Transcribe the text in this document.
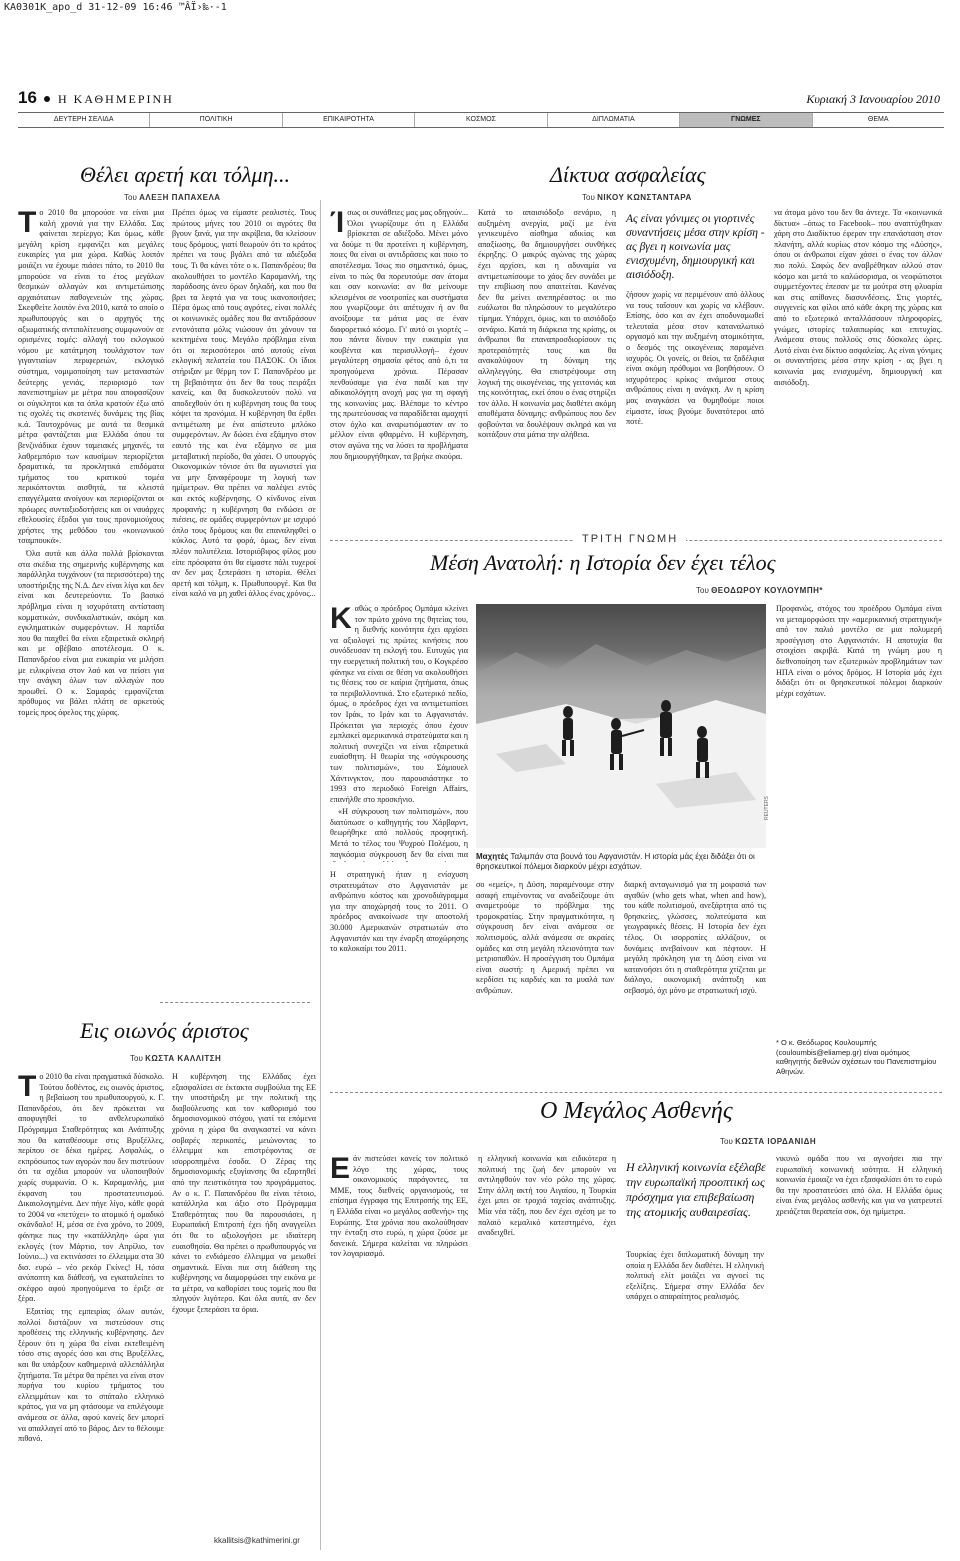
KA0301K_apo_d 31-12-09 16:46 ™ÂÏ›‰·-1
16 Η ΚΑΘΗΜΕΡΙΝΗ	Κυριακή 3 Ιανουαρίου 2010
ΔΕΥΤΕΡΗ ΣΕΛΙΔΑ	ΠΟΛΙΤΙΚΗ	ΕΠΙΚΑΙΡΟΤΗΤΑ	ΚΟΣΜΟΣ	ΔΙΠΛΩΜΑΤΙΑ	ΓΝΩΜΕΣ	ΘΕΜΑ
Θέλει αρετή και τόλμη...
Του ΑΛΕΞΗ ΠΑΠΑΧΕΛΑ
Τ ο 2010 θα μπορούσε να είναι μια καλή χρονιά για την Ελλάδα. Σας φαίνεται περίεργο; Και όμως, κάθε μεγάλη κρίση εμφανίζει και μεγάλες ευκαιρίες για μια χώρα. Καθώς λοιπόν μοιάζει να έχουμε πιάσει πάτο, το 2010 θα μπορούσε να είναι το έτος μεγάλων θεσμικών αλλαγών και αντιμετώπισης αρχαιότατων παθογενειών της χώρας. Σκεφθείτε λοιπόν ένα 2010, κατά το οποίο ο πρωθυπουργός και ο αρχηγός της αξιωματικής αντιπολίτευσης συμφωνούν σε ορισμένες τομές: αλλαγή του εκλογικού νόμου με κατάτμηση τουλάχιστον των γιγαντιαίων περιφερειών, εκλογικό σύστημα, νομιμοποίηση των μεταναστών δεύτερης γενιάς, περιορισμό των πανεπιστημίων με μέτρα που αποφασίζουν οι σύγκλητοι και τα όπλα κρατούν έξω από τις σχολές τις σκοτεινές δυνάμεις της βίας κ.ά. Ταυτοχρόνως με αυτά τα θεσμικά μέτρα φαντάζεται μια Ελλάδα όπου τα βενζινάδικα έχουν ταμειακές μηχανές, τα λαθρεμπόριο των καυσίμων περιορίζεται δραματικά, τα προκλητικά επιδόματα τμήματος του κρατικού τομέα περικόπτονται αισθητά, τα κλειστά επαγγέλματα ανοίγουν και περιορίζονται οι πρόωρες συνταξιοδοτήσεις και οι ναυάρχες εθελουσίες έξοδοι για τους προνομιούχους χρήστες της μεθόδου του «κοινωνικού τσαμπουκά».

Όλα αυτά και άλλα πολλά βρίσκονται στα σκέδια της σημερινής κυβέρνησης και παράλληλα τυγχάνουν (τα περισσότερα) της υποστήριξης της Ν.Δ. Δεν είναι λίγα και δεν είναι και δευτερεύοντα. Το βασικό πρόβλημα είναι η ισχυρότατη αντίσταση κομματικών, συνδικαλιστικών, ακόμη και εγκληματικών συμφερόντων. Η παρτίδα που θα παιχθεί θα είναι εξαιρετικά σκληρή και με αβέβαιο αποτέλεσμα. Ο κ. Παπανδρέου είναι μια ευκαιρία να μιλήσει με ειλικρίνεια στον λαό και να πείσει για την ανάγκη όλων των αλλαγών που προωθεί. Ο κ. Σαμαράς εμφανίζεται πρόθυμος να βάλει πλάτη σε αρκετούς τομείς προς όφελος της χώρας.

Πρέπει όμως να είμαστε ρεαλιστές. Τους πρώτους μήνες του 2010 οι αγρότες θα βγουν ξανά, για την ακρίβεια, θα κλείσουν τους δρόμους, γιατί θεωρούν ότι το κράτος πρέπει να τους βγάλει από τα αδιέξοδα τους. Τι θα κάνει τότε ο κ. Παπανδρέου; θα ακολουθήσει το μοντέλο Καραμανλή, της παράδοσης άνευ όρων δηλαδή, και που θα βρει τα λεφτά για να τους ικανοποιήσει; Πέρα όμως από τους αγρότες, είναι πολλές οι κοινωνικές ομάδες που θα αντιδράσουν εντονότατα μόλις νιώσουν ότι χάνουν τα κεκτημένα τους. Μεγάλο πρόβλημα είναι ότι οι περισσότεροι από αυτούς είναι εκλογική πελατεία του ΠΑΣΟΚ. Οι ίδιοι στήριξαν με θέρμη τον Γ. Παπανδρέου με τη βεβαιότητα ότι δεν θα τους πειράξει κανείς, και θα δυσκολευτούν πολύ να αποδεχθούν ότι η κυβέρνηση τους θα τους κόψει τα προνόμια. Η κυβέρνηση θα έρθει αντιμέτωπη με ένα απίστευτο μπλόκο συμφερόντων. Αν δώσει ένα εξάμηνο στον εαυτό της και ένα εξάμηνο σε μια μεταβατική περίοδο, θα χάσει. Ο υπουργός Οικονομικών τόνισε ότι θα αγωνιστεί για να μην ξαναφέρουμε τη λογική των ημίμετρων. Θα πρέπει να παλέψει εντός και εκτός κυβέρνησης. Ο κίνδυνος είναι προφανής: η κυβέρνηση θα ενδώσει σε πιέσεις, σε ομάδες συμφερόντων με ισχυρό όπλο τους δρόμους και θα επαναληφθεί ο κύκλος. Αυτό τα φορά, όμως, δεν είναι πλέον πολυτέλεια. Ιστοριόβιφος φίλος μου είπε πρόσφατα ότι θα είμαστε πάλι τυχεροί αν δεν μας ξεπεράσει η ιστορία. Θέλει αρετή και τόλμη, κ. Πρωθυπουργέ. Και θα είναι καλό να μη χαθεί άλλος ένας χρόνος...

Εις οιωνός άριστος
Του ΚΩΣΤΑ ΚΑΛΛΙΤΣΗ
Τ ο 2010 θα είναι πραγματικά δύσκολο. Τούτου δοθέντος, εις οιωνός άριστος, η βεβαίωση του πρωθυπουργού, κ. Γ. Παπανδρέου, ότι δεν πρόκειται να αποφυγηθεί το ανθελευρωπαϊκό Πρόγραμμα Σταθερότητας και Ανάπτυξης που θα καταθέσουμε στις Βρυξέλλες, περίπου σε δέκα ημέρες. Ασφαλώς, ο εκπρόσωπος των αγορών που δεν πιστεύουν ότι τα σχέδια μπορούν να υλοποιηθούν χωρίς συμφωνία. Ο κ. Καραμανλής, μια έκφανση του προστατευτισμού. Δικαιολογημένα. Δεν πήγε λίγο, κάθε φορά το 2004 να «πετύχει» το ατομικό ή ομαδικό σκάνδαλο! Η, μέσα σε ένα χρόνο, το 2009, φάνηκε πως την «κατάλληλη» ώρα για εκλογές (τον Μάρτιο, τον Απρίλιο, τον Ιούνιο...) να εκτινάσσει το έλλειμμα στα 30 δισ. ευρώ – νέο ρεκόρ Γκίνες! Η, τόσα ανύποπτη και διάθεσή, να εγκαταλείπει το σκέφρο αφού προηγούμενα το έριξε σε ξέρα.

Εξαιτίας της εμπειρίας όλων αυτών, πολλοί διστάζουν να πιστεύσουν στις προθέσεις της ελληνικής κυβέρνησης. Δεν ξέρουν ότι η χώρα θα είναι εκτεθειμένη τόσο στις αγορές όσο και στις Βρυξέλλες, και θα υπάρξουν καθημερινά αλλεπάλληλα ζητήματα. Τα μέτρα θα πρέπει να είναι στον πυρήνα του κυρίου τμήματος του ελλειμμάτων και το σπάταλο ελληνικό κράτος, για να μη φτάσουμε να επιλέγουμε ανάμεσα σε άλλα, αφού κανείς δεν μπορεί να απαλλαγεί από το βάρος. Δεν το θέλουμε πιθανό.

Η κυβέρνηση της Ελλάδας έχει εξασφαλίσει σε έκτακτα συμβούλια της ΕΕ την υποστήριξη με την πολιτική της διαβούλευσης και τον καθορισμό του δημοσιονομικού στόχου, γιατί τα επόμενα χρόνια η χώρα θα αναγκαστεί να κάνει σοβαρές περικοπές, μειώνοντας το έλλειμμα και επιστρέφοντας σε ισορροπημένα έσοδα. Ο Ζέρας της δημοσιονομικής εξυγίανσης θα εξαρτηθεί από την πειστικότητα του προγράμματος. Αν ο κ. Γ. Παπανδρέου θα είναι τέτοιο, κατάλληλα και άξιο στο Πρόγραμμα Σταθερότητας που θα παρουσιάσει, η Ευρωπαϊκή Επιτροπή έχει ήδη αναγγείλει ότι θα το αξιολογήσει με ιδιαίτερη ευαισθησία. Θα πρέπει ο πρωθυπουργός να κάνει το ενδιάμεσο έλλειμμα να μειωθεί σημαντικά. Είναι πια στη διάθεση της κυβέρνησης να διαμορφώσει την εικόνα με τα μέτρα, να καθορίσει τους τομείς που θα πληγούν λιγότερο. Και όλα αυτά, αν δεν έχουμε ξεπεράσει τα όρια.

kkallitsis@kathimerini.gr
Δίκτυα ασφαλείας
Του ΝΙΚΟΥ ΚΩΝΣΤΑΝΤΑΡΑ
Ί σως οι συνάθειες μας μας οδηγούν... Όλοι γνωρίζουμε ότι η Ελλάδα βρίσκεται σε αδιέξοδο. Μένει μόνο να δούμε τι θα προτείνει η κυβέρνηση, ποιες θα είναι οι αντιδράσεις και ποιο το αποτέλεσμα. Ίσως πιο σημαντικό, όμως, είναι το πώς θα πορευτούμε σαν άτομα και σαν κοινωνία: αν θα μείνουμε κλεισμένοι σε νοοτροπίες και συστήματα που γνωρίζουμε ότι απέτυχαν ή αν θα ανοίξουμε τα μάτια μας σε έναν διαφορετικό κόσμο. Γι' αυτό οι γιορτές –που πάντα δίνουν την ευκαιρία για κουβέντα και περισυλλογή– έχουν μεγαλύτερη σημασία φέτος από ό,τι τα προηγούμενα χρόνια. Πέρασαν πενθούσαμε για ένα παιδί και την αδικαιολόγητη ανοχή μας για τη σφαγή της κοινωνίας μας. Βλέπαμε το κέντρο της πρωτεύουσας να παραδίδεται αμαχητί στον όχλο και αναρωτιόμασταν αν το μέλλον είναι φθαρμένο. Η κυβέρνηση, στον αγώνα της να λύσει τα προβλήματα που δημιουργήθηκαν, τα βρήκε σκούρα.

Κατά το απαισιόδοξο σενάριο, η αυξημένη ανεργία, μαζί με ένα γενικευμένο αίσθημα αδικίας και απαξίωσης, θα δημιουργήσει συνθήκες έκρηξης. Ο μακρύς αγώνας της χώρας έχει αρχίσει, και η αδυναμία να αντιμετωπίσουμε το χάος δεν συνάδει με την επιβίωση που απαιτείται. Κανένας δεν θα μείνει ανεπηρέαστος: οι πιο ευάλωτοι θα πληρώσουν το μεγαλύτερο τίμημα. Υπάρχει, όμως, και το αισιόδοξο σενάριο. Κατά τη διάρκεια της κρίσης, οι άνθρωποι θα επαναπροσδιορίσουν τις προτεραιότητές τους και θα ανακαλύψουν τη δύναμη της αλληλεγγύης. Θα επιστρέψουμε στη λογική της οικογένειας, της γειτονιάς και της κοινότητας, εκεί όπου ο ένας στηρίζει τον άλλο. Η κοινωνία μας διαθέτει ακόμη αποθέματα δύναμης: ανθρώπους που δεν φοβούνται να δουλέψουν σκληρά και να κοιτάξουν στα μάτια την αλήθεια.

Ας είναι γόνιμες οι γιορτινές συναντήσεις μέσα στην κρίση - ας βγει η κοινωνία μας ενισχυμένη, δημιουργική και αισιόδοξη.

ζήσουν χωρίς να περιμένουν από άλλους να τους ταΐσουν και χωρίς να κλέβουν. Επίσης, όσο και αν έχει αποδυναμωθεί τελευταία μέσα στον καταναλωτικό οργασμό και την αυξημένη ατομικότητα, ο δεσμός της οικογένειας παραμένει ισχυρός. Οι γονείς, οι θείοι, τα ξαδέλφια είναι ακόμη πρόθυμοι να βοηθήσουν. Ο ισχυρότερος κρίκος ανάμεσα στους ανθρώπους είναι η ανάγκη. Αν η κρίση μας αναγκάσει να θυμηθούμε ποιοι είμαστε, ίσως βγούμε δυνατότεροι από ποτέ.

να άτομα μόνο του δεν θα άντεχε. Τα «κοινωνικά δίκτυα» –όπως το Facebook– που αναπτύχθηκαν χάρη στο Διαδίκτυο έφεραν την επανάσταση στον πλανήτη, αλλά κυρίως στον κόσμο της «Δύσης», όπου οι άνθρωποι είχαν χάσει ο ένας τον άλλον πιο πολύ. Σαφώς δεν αναβρέθηκαν αλλού στον κόσμο και μετά το καλώσορισμα, οι νεοφώτιστοι συμμετέχοντες έπεσαν με τα μούτρα στη φλυαρία και στις απίθανες διασυνδέσεις. Στις γιορτές, συγγενείς και φίλοι από κάθε άκρη της χώρας και από το εξωτερικό ανταλλάσσουν πληροφορίες, γνώμες, ιστορίες ταλαιπωρίας και επιτυχίας. Ανάμεσα στους πολλούς στις δύσκολες ώρες. Αυτό είναι ένα δίκτυο ασφαλείας. Ας είναι γόνιμες οι συναντήσεις μέσα στην κρίση - ας βγει η κοινωνία μας ενισχυμένη, δημιουργική και αισιόδοξη.

ΤΡΙΤΗ ΓΝΩΜΗ
Μέση Ανατολή: η Ιστορία δεν έχει τέλος
Του ΘΕΟΔΩΡΟΥ ΚΟΥΛΟΥΜΠΗ*
Κ αθώς ο πρόεδρος Ομπάμα κλείνει τον πρώτο χρόνο της θητείας του, η διεθνής κοινότητα έχει αρχίσει να αξιολογεί τις πρώτες κινήσεις που συνόδευσαν τη εκλογή του. Ευτυχώς για την ευεργετική πολιτική του, ο Κογκρέσο φάνηκε να είναι σε θέση να ακολουθήσει τις θέσεις του σε καίρια ζητήματα, όπως τα περιβαλλοντικά. Στο εξωτερικό πεδίο, όμως, ο πρόεδρος έχει να αντιμετωπίσει τον Ιράκ, το Ιράν και το Αφγανιστάν. Πρόκειται για περιοχές όπου έχουν εμπλακεί αμερικανικά στρατεύματα και η πολιτική συνεχίζει να είναι εξαιρετικά ευαίσθητη. Η θεωρία της «σύγκρουσης των πολιτισμών», του Σάμιουελ Χάντινγκτον, που παρουσιάστηκε το 1993 στο περιοδικό Foreign Affairs, επανήλθε στο προσκήνιο.

«Η σύγκρουση των πολιτισμών», που διατύπωσε ο καθηγητής του Χάρβαρντ, θεωρήθηκε από πολλούς προφητική. Μετά το τέλος του Ψυχρού Πολέμου, η παγκόσμια σύγκρουση δεν θα είναι πια

REUTERS
Μαχητές Ταλιμπάν στα βουνά του Αφγανιστάν. Η ιστορία μάς έχει διδάξει ότι οι θρησκευτικοί πόλεμοι διαρκούν μέχρι εσχάτων.

Η στρατηγική ήταν η ενίσχυση στρατευμάτων στο Αφγανιστάν με ανθρώπινο κόστος και χρονοδιάγραμμα για την αποχώρησή τους το 2011. Ο πρόεδρος ανακοίνωσε την αποστολή 30.000 Αμερικανών στρατιωτών στο Αφγανιστάν και την έναρξη αποχώρησης το καλοκαίρι του 2011.

σο «εμείς», η Δύση, παραμένουμε στην ασαφή επιμένοντας να αναδείξουμε ότι αναμετρούμε το πρόβλημα της τρομοκρατίας. Στην πραγματικότητα, η σύγκρουση δεν είναι ανάμεσα σε πολιτισμούς, αλλά ανάμεσα σε ακραίες ομάδες και στη μεγάλη πλειονότητα των μετριοπαθών. Η προσέγγιση του Ομπάμα είναι σωστή: η Αμερική πρέπει να κερδίσει τις καρδιές και τα μυαλά των ανθρώπων.

διαρκή ανταγωνισμό για τη μοιρασιά των αγαθών (who gets what, when and how), του κάθε πολιτισμού, ανεξάρτητα από τις θρησκείες, γλώσσες, πολιτεύματα και γεωγραφικές θέσεις. Η Ιστορία δεν έχει τέλος. Οι ισορροπίες αλλάζουν, οι δυνάμεις ανεβαίνουν και πέφτουν. Η μεγάλη πρόκληση για τη Δύση είναι να κατανοήσει ότι η σταθερότητα χτίζεται με διάλογο, οικονομική ανάπτυξη και σεβασμό, όχι μόνο με στρατιωτική ισχύ.

Προφανώς, στόχος του προέδρου Ομπάμα είναι να μεταμορφώσει την «αμερικανική στρατηγική» από τον παλιό μοντέλο σε μια πολυμερή προσέγγιση στο Αφγανιστάν. Η αποτυχία θα στοιχίσει ακριβά. Κατά τη γνώμη μου η διεθνοποίηση των εξωτερικών προβλημάτων των ΗΠΑ είναι ο μόνος δρόμος. Η Ιστορία μάς έχει διδάξει ότι οι θρησκευτικοί πόλεμοι διαρκούν μέχρι εσχάτων.

* Ο κ. Θεόδωρος Κουλουμπής (couloumbis@eliamep.gr) είναι ομότιμος καθηγητής διεθνών σχέσεων του Πανεπιστημίου Αθηνών.
Ο Μεγάλος Ασθενής
Του ΚΩΣΤΑ ΙΟΡΔΑΝΙΔΗ
Ε άν πιστεύσει κανείς τον πολιτικό λόγο της χώρας, τους οικονομικούς παράγοντες, τα ΜΜΕ, τους διεθνείς οργανισμούς, τα επίσημα έγγραφα της Επιτροπής της ΕΕ, η Ελλάδα είναι «ο μεγάλος ασθενής» της Ευρώπης. Στα χρόνια που ακολούθησαν την ένταξη στο ευρώ, η χώρα ζούσε με δανεικά. Σήμερα καλείται να πληρώσει τον λογαριασμό.

η ελληνική κοινωνία και ειδικότερα η πολιτική της ζωή δεν μπορούν να αντιληφθούν τον νέο ρόλο της χώρας. Στην άλλη ακτή του Αιγαίου, η Τουρκία έχει μπει σε τροχιά ταχείας ανάπτυξης. Μία νέα τάξη, που δεν έχει σχέση με το παλαιό κεμαλικό κατεστημένο, έχει αναδειχθεί.

Η ελληνική κοινωνία εξέλαβε την ευρωπαϊκή προοπτική ως πρόσχημα για επιβεβαίωση της ατομικής αυθαιρεσίας.

Τουρκίας έχει διπλωματική δύναμη την οποία η Ελλάδα δεν διαθέτει. Η ελληνική πολιτική ελίτ μοιάζει να αγνοεί τις εξελίξεις. Σήμερα στην Ελλάδα δεν υπάρχει ο απαραίτητος ρεαλισμός.

νικυνώ ομάδα που να αγνοήσει πια την ευρωπαϊκή κοινωνική ισότητα. Η ελληνική κοινωνία έμοιαζε να έχει εξασφαλίσει ότι το ευρώ θα την προστατεύσει από όλα. Η Ελλάδα όμως είναι ένας μεγάλος ασθενής και για να γιατρευτεί χρειάζεται θεραπεία σοκ, όχι ημίμετρα.
